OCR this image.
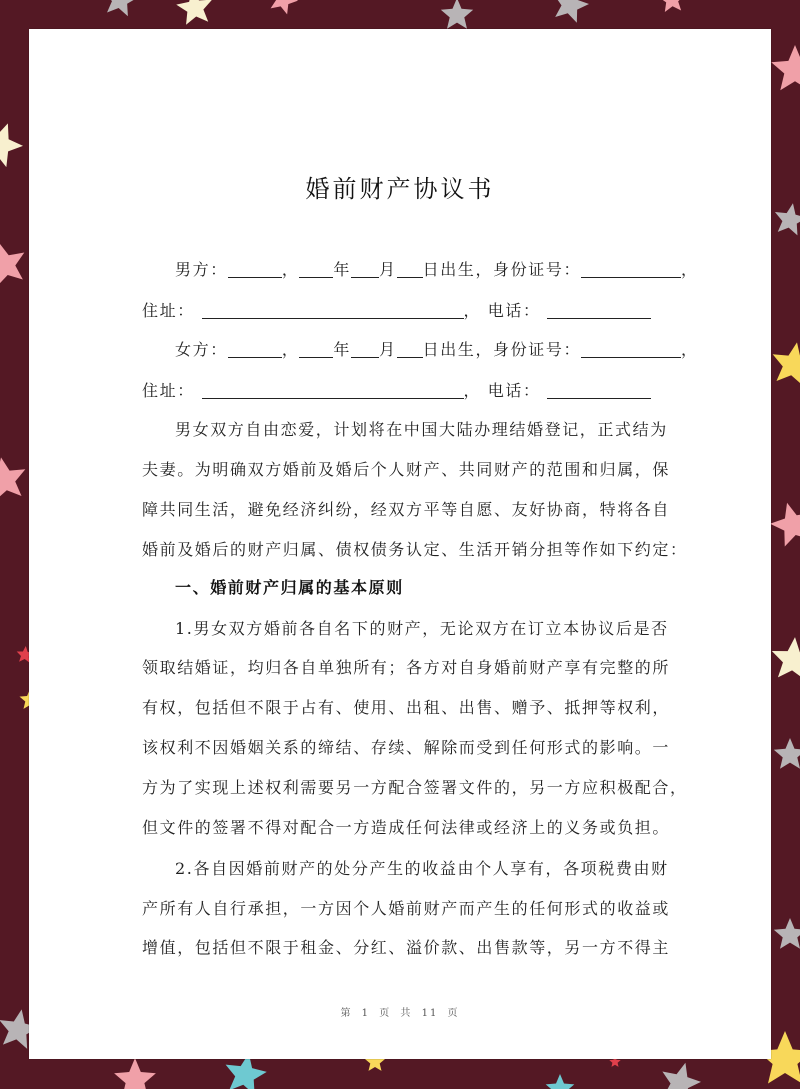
婚前财产协议书
男方：	， 年 月 日出生，身份证号：	，
住址：	， 电话：
女方：	， 年 月 日出生，身份证号：	，
住址：	， 电话：
男女双方自由恋爱，计划将在中国大陆办理结婚登记，正式结为
夫妻。为明确双方婚前及婚后个人财产、共同财产的范围和归属，保
障共同生活，避免经济纠纷，经双方平等自愿、友好协商，特将各自
婚前及婚后的财产归属、债权债务认定、生活开销分担等作如下约定：
一、婚前财产归属的基本原则
1.男女双方婚前各自名下的财产，无论双方在订立本协议后是否
领取结婚证，均归各自单独所有；各方对自身婚前财产享有完整的所
有权，包括但不限于占有、使用、出租、出售、赠予、抵押等权利，
该权利不因婚姻关系的缔结、存续、解除而受到任何形式的影响。一
方为了实现上述权利需要另一方配合签署文件的，另一方应积极配合，
但文件的签署不得对配合一方造成任何法律或经济上的义务或负担。
2.各自因婚前财产的处分产生的收益由个人享有，各项税费由财
产所有人自行承担，一方因个人婚前财产而产生的任何形式的收益或
增值，包括但不限于租金、分红、溢价款、出售款等，另一方不得主
第 1 页 共 11 页
